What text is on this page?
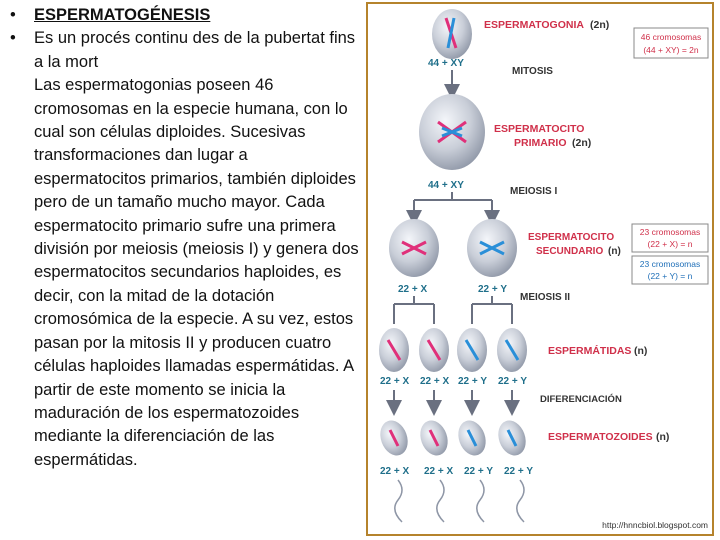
• ESPERMATOGÉNESIS
• Es un procés continu des de la pubertat fins a la mort
Las espermatogonias poseen 46 cromosomas en la especie humana, con lo cual son células diploides. Sucesivas transformaciones dan lugar a espermatocitos primarios, también diploides pero de un tamaño mucho mayor. Cada espermatocito primario sufre una primera división por meiosis (meiosis I) y genera dos espermatocitos secundarios haploides, es decir, con la mitad de la dotación cromosómica de la especie. A su vez, estos pasan por la mitosis II y producen cuatro células haploides llamadas espermátidas. A partir de este momento se inicia la maduración de los espermatozoides mediante la diferenciación de las espermátidas.
ESPERMATOGONIA (2n)
46 cromosomas
(44 + XY) = 2n
44 + XY
MITOSIS
ESPERMATOCITO
PRIMARIO (2n)
44 + XY
MEIOSIS I
ESPERMATOCITO
SECUNDARIO (n)
23 cromosomas
(22 + X) = n
23 cromosomas
(22 + Y) = n
22 + X	22 + Y
MEIOSIS II
ESPERMÁTIDAS (n)
22 + X 22 + X 22 + Y 22 + Y
DIFERENCIACIÓN
ESPERMATOZOIDES (n)
22 + X 22 + X 22 + Y 22 + Y
http://hnncbiol.blogspot.com
